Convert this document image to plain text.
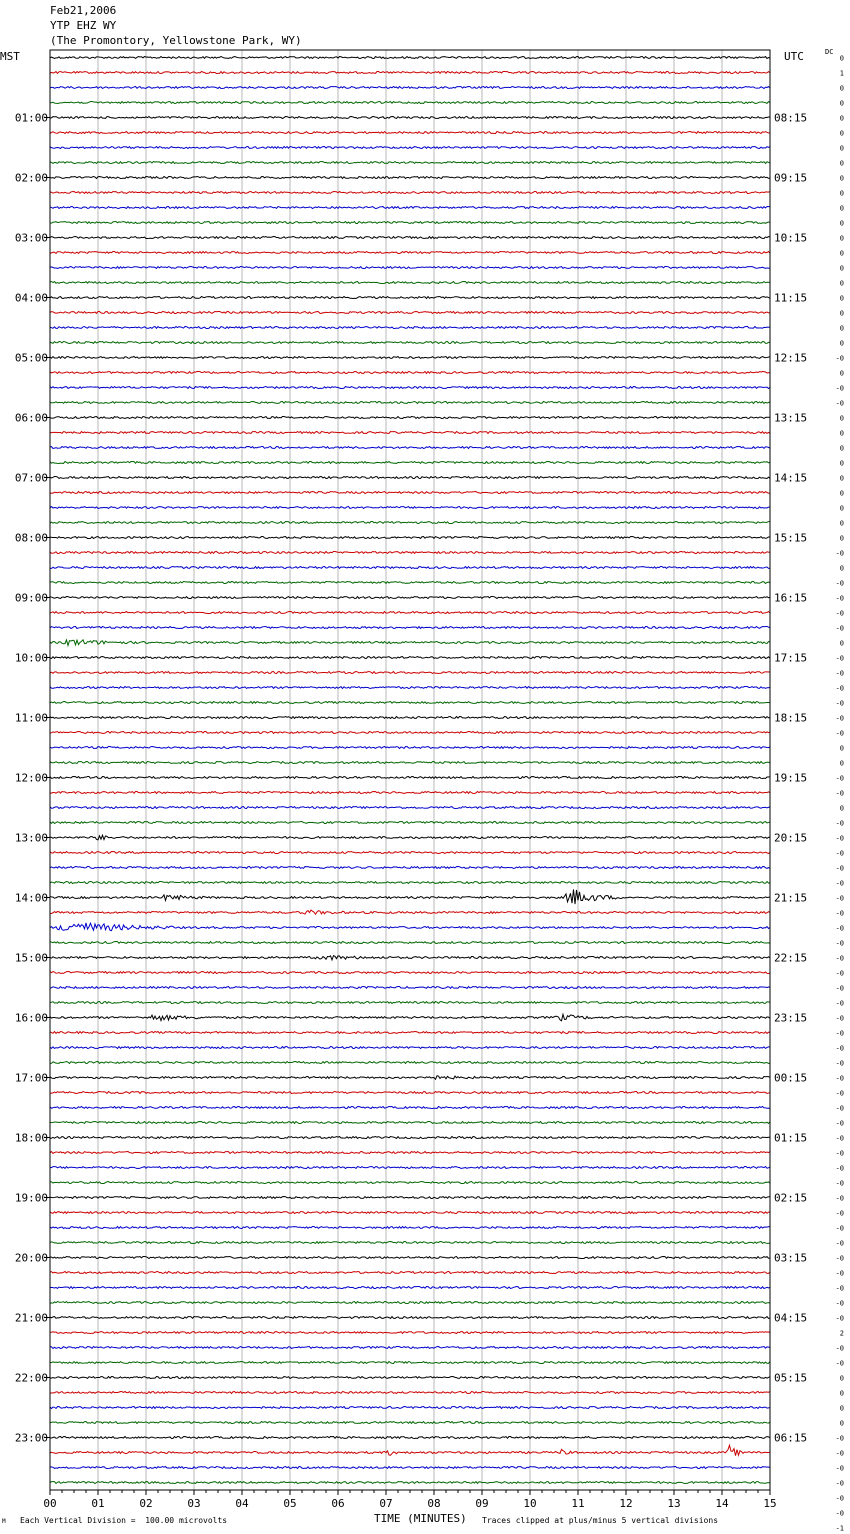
01:00
02:00
03:00
04:00
05:00
06:00
07:00
08:00
09:00
10:00
11:00
12:00
13:00
14:00
15:00
16:00
17:00
18:00
19:00
20:00
21:00
22:00
23:00
08:15
09:15
10:15
11:15
12:15
13:15
14:15
15:15
16:15
17:15
18:15
19:15
20:15
21:15
22:15
23:15
00:15
01:15
02:15
03:15
04:15
05:15
06:15
0
1
0
0
0
0
0
0
0
0
0
0
0
0
0
0
0
0
0
0
-0
0
-0
-0
0
0
0
0
0
0
0
0
0
-0
0
-0
-0
-0
-0
0
-0
-0
-0
-0
-0
-0
0
0
-0
-0
0
-0
-0
-0
-0
-0
-0
-0
-0
-0
-0
-0
-0
-0
-0
-0
-0
-0
-0
-0
-0
-0
-0
-0
-0
-0
-0
-0
-0
-0
-0
-0
-0
-0
-0
2
-0
-0
0
0
0
0
-0
-0
-0
-0
-0
-0
-1
00	01	02	03	04	05	06	07	08	09	10	11	12	13	14	15
Feb21,2006
YTP EHZ WY
(The Promontory, Yellowstone Park, WY)
MST	UTC	DC
M Each Vertical Division =  100.00 microvolts	TIME (MINUTES) Traces clipped at plus/minus 5 vertical divisions
